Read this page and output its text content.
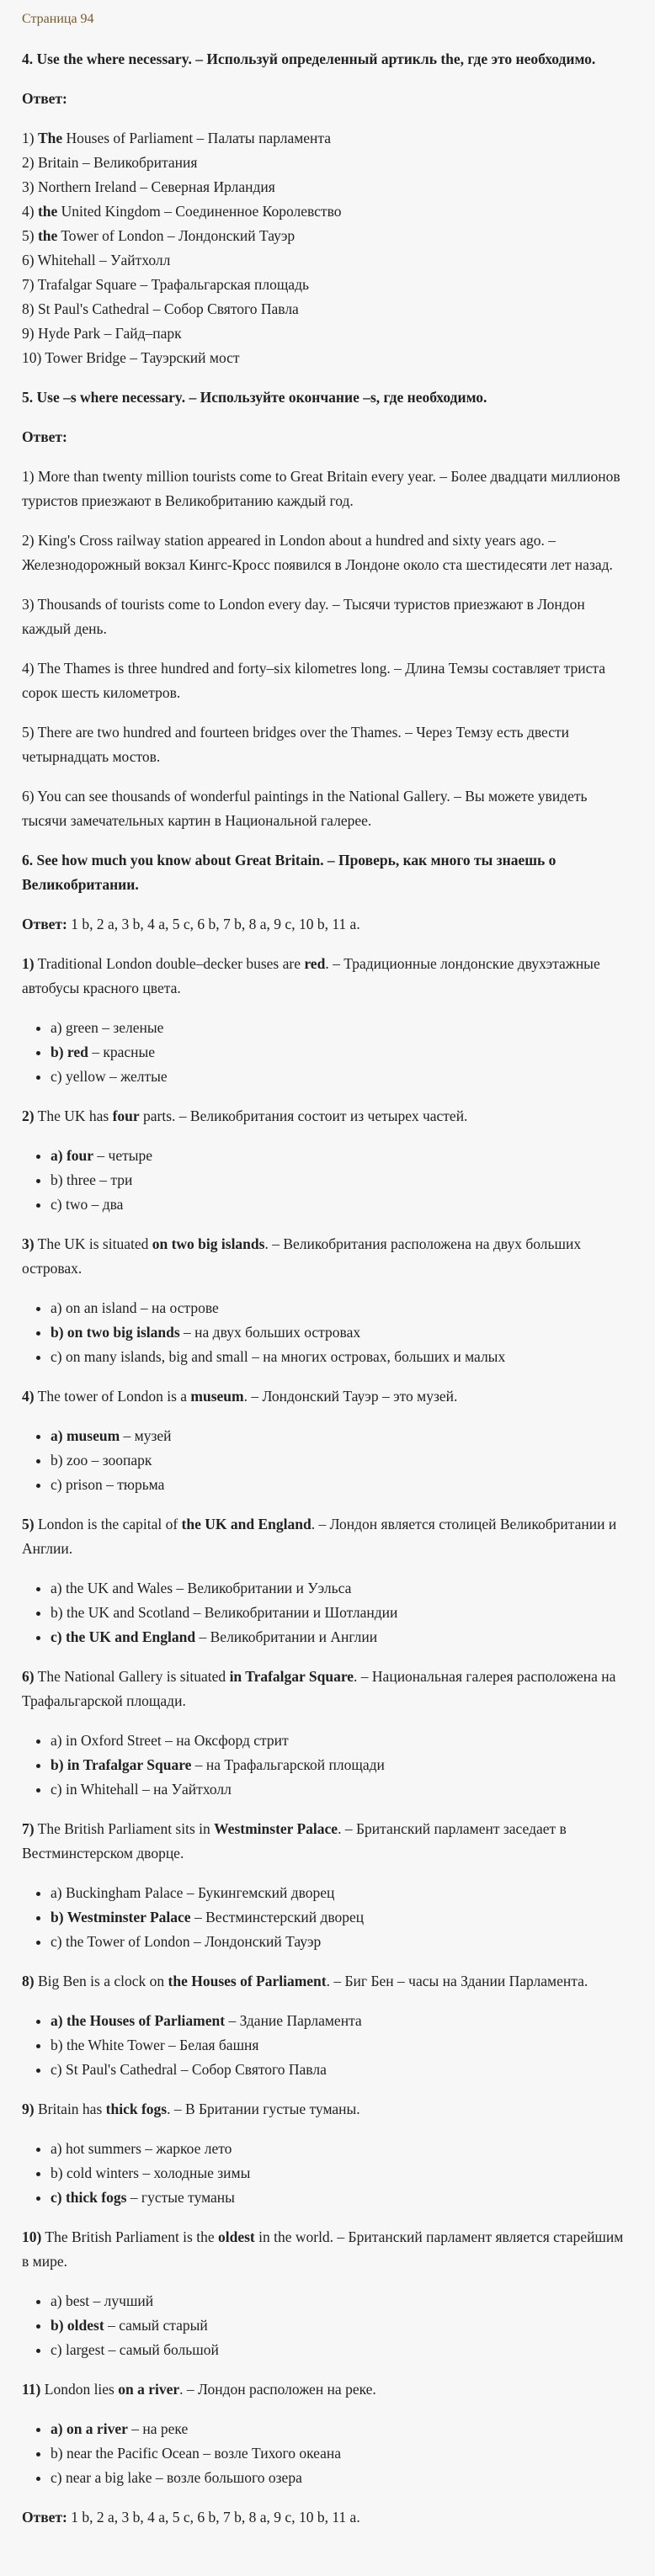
Страница 94

4. Use the where necessary. – Используй определенный артикль the, где это необходимо.

Ответ:

1) The Houses of Parliament – Палаты парламента
2) Britain – Великобритания
3) Northern Ireland – Северная Ирландия
4) the United Kingdom – Соединенное Королевство
5) the Tower of London – Лондонский Тауэр
6) Whitehall – Уайтхолл
7) Trafalgar Square – Трафальгарская площадь
8) St Paul's Cathedral – Собор Святого Павла
9) Hyde Park – Гайд–парк
10) Tower Bridge – Тауэрский мост

5. Use –s where necessary. – Используйте окончание –s, где необходимо.

Ответ:

1) More than twenty million tourists come to Great Britain every year. – Более двадцати миллионов туристов приезжают в Великобританию каждый год.

2) King's Cross railway station appeared in London about a hundred and sixty years ago. – Железнодорожный вокзал Кингс-Кросс появился в Лондоне около ста шестидесяти лет назад.

3) Thousands of tourists come to London every day. – Тысячи туристов приезжают в Лондон каждый день.

4) The Thames is three hundred and forty–six kilometres long. – Длина Темзы составляет триста сорок шесть километров.

5) There are two hundred and fourteen bridges over the Thames. – Через Темзу есть двести четырнадцать мостов.

6) You can see thousands of wonderful paintings in the National Gallery. – Вы можете увидеть тысячи замечательных картин в Национальной галерее.

6. See how much you know about Great Britain. – Проверь, как много ты знаешь о Великобритании.

Ответ: 1 b, 2 a, 3 b, 4 a, 5 c, 6 b, 7 b, 8 a, 9 c, 10 b, 11 a.

1) Traditional London double–decker buses are red. – Традиционные лондонские двухэтажные автобусы красного цвета.

• a) green – зеленые
• b) red – красные
• c) yellow – желтые

2) The UK has four parts. – Великобритания состоит из четырех частей.

• a) four – четыре
• b) three – три
• c) two – два

3) The UK is situated on two big islands. – Великобритания расположена на двух больших островах.

• a) on an island – на острове
• b) on two big islands – на двух больших островах
• c) on many islands, big and small – на многих островах, больших и малых

4) The tower of London is a museum. – Лондонский Тауэр – это музей.

• a) museum – музей
• b) zoo – зоопарк
• c) prison – тюрьма

5) London is the capital of the UK and England. – Лондон является столицей Великобритании и Англии.

• a) the UK and Wales – Великобритании и Уэльса
• b) the UK and Scotland – Великобритании и Шотландии
• c) the UK and England – Великобритании и Англии

6) The National Gallery is situated in Trafalgar Square. – Национальная галерея расположена на Трафальгарской площади.

• a) in Oxford Street – на Оксфорд стрит
• b) in Trafalgar Square – на Трафальгарской площади
• c) in Whitehall – на Уайтхолл

7) The British Parliament sits in Westminster Palace. – Британский парламент заседает в Вестминстерском дворце.

• a) Buckingham Palace – Букингемский дворец
• b) Westminster Palace – Вестминстерский дворец
• c) the Tower of London – Лондонский Тауэр

8) Big Ben is a clock on the Houses of Parliament. – Биг Бен – часы на Здании Парламента.

• a) the Houses of Parliament – Здание Парламента
• b) the White Tower – Белая башня
• c) St Paul's Cathedral – Собор Святого Павла

9) Britain has thick fogs. – В Британии густые туманы.

• a) hot summers – жаркое лето
• b) cold winters – холодные зимы
• c) thick fogs – густые туманы

10) The British Parliament is the oldest in the world. – Британский парламент является старейшим в мире.

• a) best – лучший
• b) oldest – самый старый
• c) largest – самый большой

11) London lies on a river. – Лондон расположен на реке.

• a) on a river – на реке
• b) near the Pacific Ocean – возле Тихого океана
• c) near a big lake – возле большого озера

Ответ: 1 b, 2 a, 3 b, 4 a, 5 c, 6 b, 7 b, 8 a, 9 c, 10 b, 11 a.
